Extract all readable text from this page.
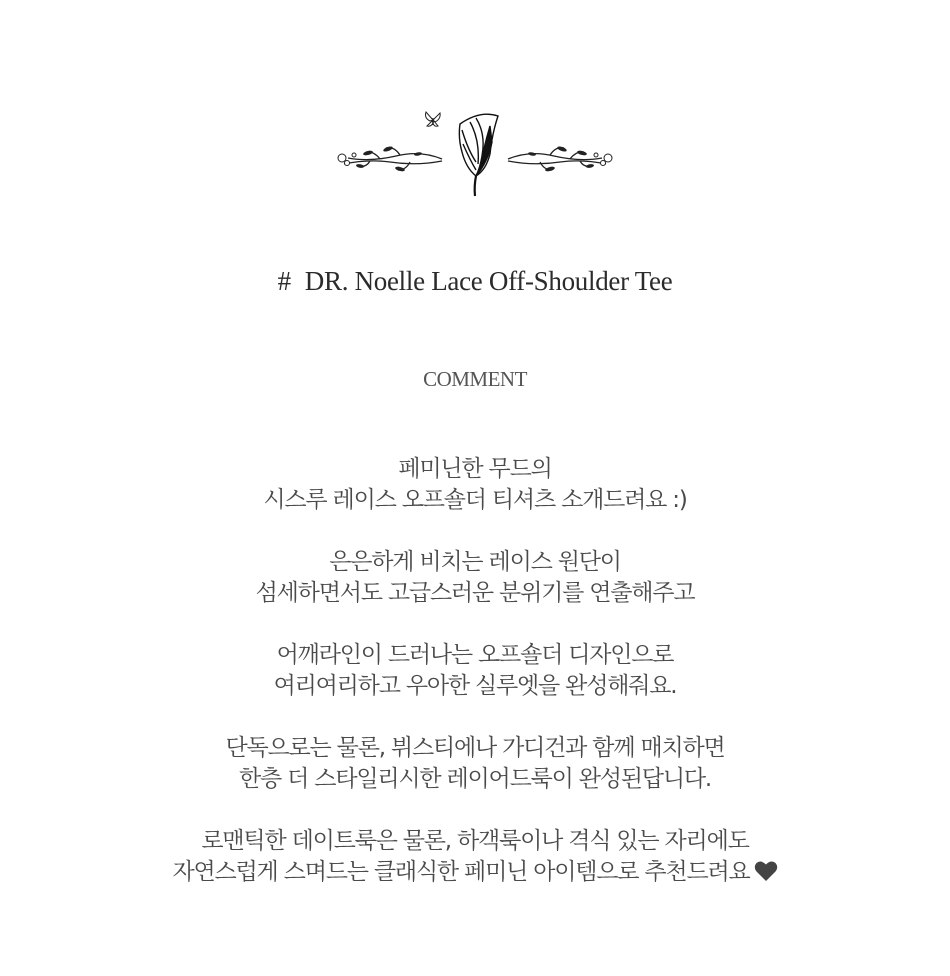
# DR. Noelle Lace Off-Shoulder Tee
COMMENT

페미닌한 무드의
시스루 레이스 오프숄더 티셔츠 소개드려요 :)

은은하게 비치는 레이스 원단이
섬세하면서도 고급스러운 분위기를 연출해주고

어깨라인이 드러나는 오프숄더 디자인으로
여리여리하고 우아한 실루엣을 완성해줘요.

단독으로는 물론, 뷔스티에나 가디건과 함께 매치하면
한층 더 스타일리시한 레이어드룩이 완성된답니다.

로맨틱한 데이트룩은 물론, 하객룩이나 격식 있는 자리에도
자연스럽게 스며드는 클래식한 페미닌 아이템으로 추천드려요
